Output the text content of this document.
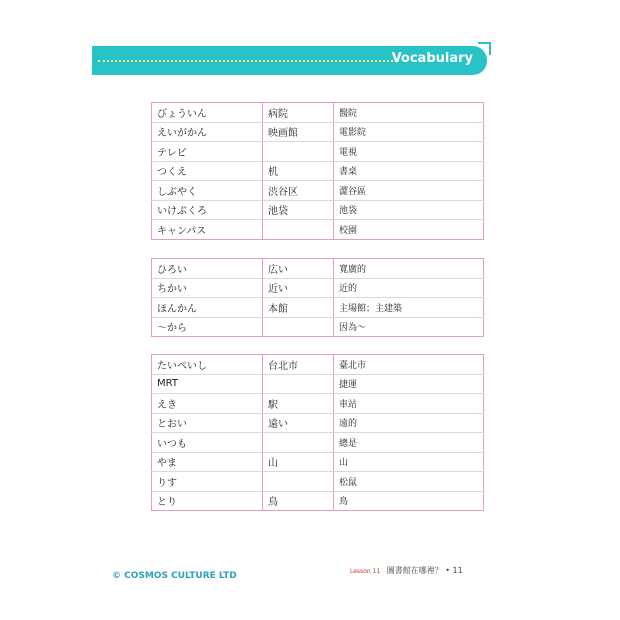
Vocabulary
びょういん	病院	醫院
えいがかん	映画館	電影院
テレビ		電視
つくえ	机	書桌
しぶやく	渋谷区	澀谷區
いけぶくろ	池袋	池袋
キャンパス		校園
ひろい	広い	寬廣的
ちかい	近い	近的
ほんかん	本館	主場館；主建築
～から		因為～
たいぺいし	台北市	臺北市
MRT		捷運
えき	駅	車站
とおい	遠い	遠的
いつも		總是
やま	山	山
りす		松鼠
とり	鳥	鳥
Lesson 11 圖書館在哪裡？ • 11
© COSMOS CULTURE LTD
